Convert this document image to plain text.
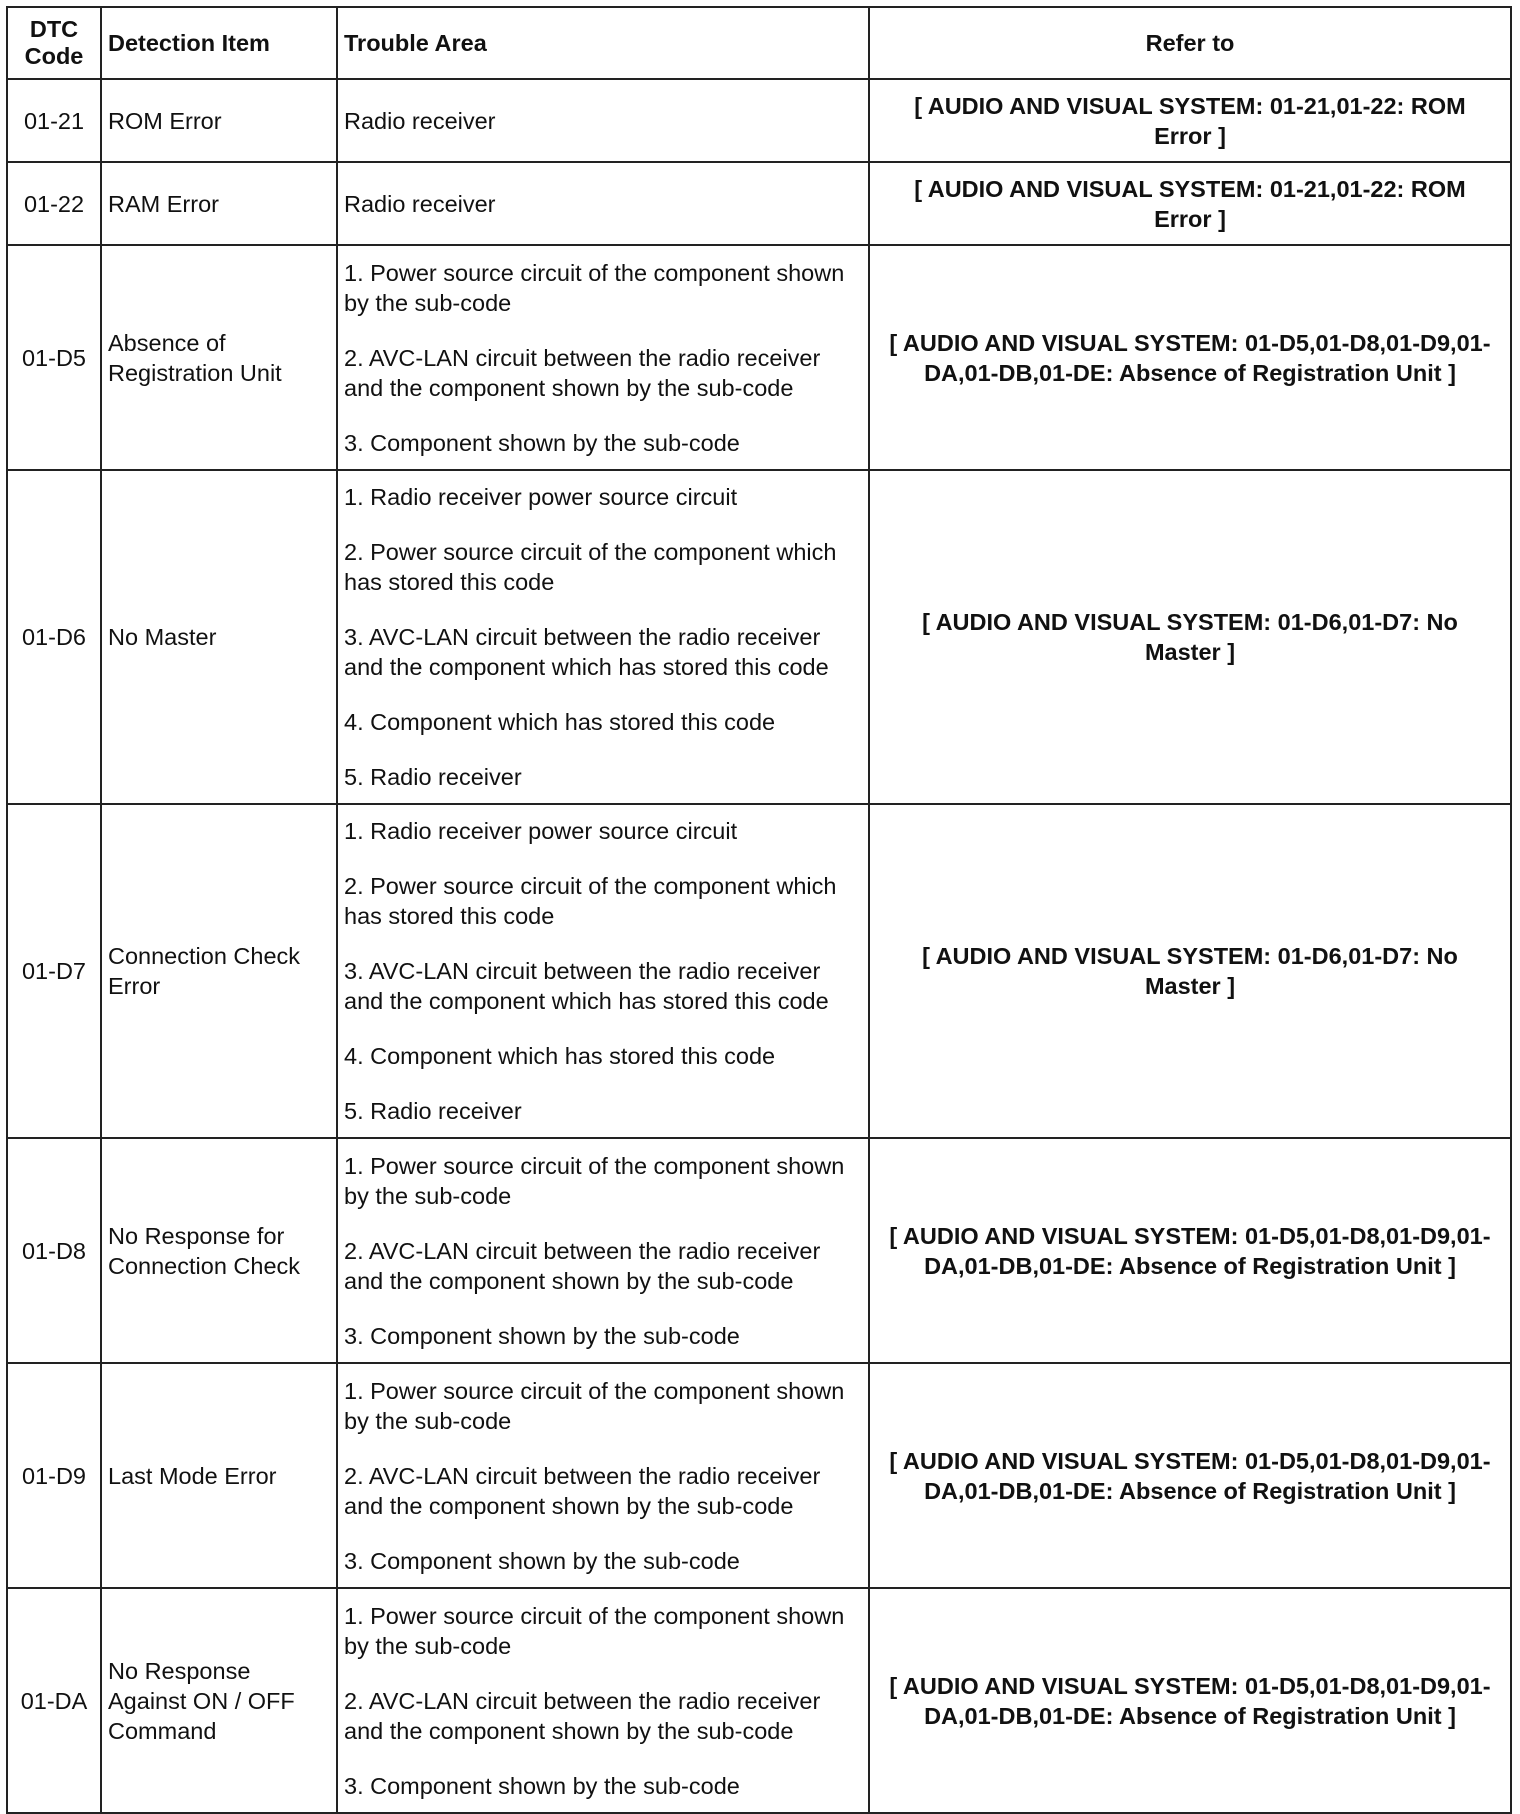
DTC Code	Detection Item	Trouble Area	Refer to
01-21	ROM Error	Radio receiver	[ AUDIO AND VISUAL SYSTEM: 01-21,01-22: ROM Error ]
01-22	RAM Error	Radio receiver	[ AUDIO AND VISUAL SYSTEM: 01-21,01-22: ROM Error ]
01-D5	Absence of Registration Unit	1. Power source circuit of the component shown by the sub-code

2. AVC-LAN circuit between the radio receiver and the component shown by the sub-code

3. Component shown by the sub-code	[ AUDIO AND VISUAL SYSTEM: 01-D5,01-D8,01-D9,01-DA,01-DB,01-DE: Absence of Registration Unit ]
01-D6	No Master	1. Radio receiver power source circuit

2. Power source circuit of the component which has stored this code

3. AVC-LAN circuit between the radio receiver and the component which has stored this code

4. Component which has stored this code

5. Radio receiver	[ AUDIO AND VISUAL SYSTEM: 01-D6,01-D7: No Master ]
01-D7	Connection Check Error	1. Radio receiver power source circuit

2. Power source circuit of the component which has stored this code

3. AVC-LAN circuit between the radio receiver and the component which has stored this code

4. Component which has stored this code

5. Radio receiver	[ AUDIO AND VISUAL SYSTEM: 01-D6,01-D7: No Master ]
01-D8	No Response for Connection Check	1. Power source circuit of the component shown by the sub-code

2. AVC-LAN circuit between the radio receiver and the component shown by the sub-code

3. Component shown by the sub-code	[ AUDIO AND VISUAL SYSTEM: 01-D5,01-D8,01-D9,01-DA,01-DB,01-DE: Absence of Registration Unit ]
01-D9	Last Mode Error	1. Power source circuit of the component shown by the sub-code

2. AVC-LAN circuit between the radio receiver and the component shown by the sub-code

3. Component shown by the sub-code	[ AUDIO AND VISUAL SYSTEM: 01-D5,01-D8,01-D9,01-DA,01-DB,01-DE: Absence of Registration Unit ]
01-DA	No Response Against ON / OFF Command	1. Power source circuit of the component shown by the sub-code

2. AVC-LAN circuit between the radio receiver and the component shown by the sub-code

3. Component shown by the sub-code	[ AUDIO AND VISUAL SYSTEM: 01-D5,01-D8,01-D9,01-DA,01-DB,01-DE: Absence of Registration Unit ]
